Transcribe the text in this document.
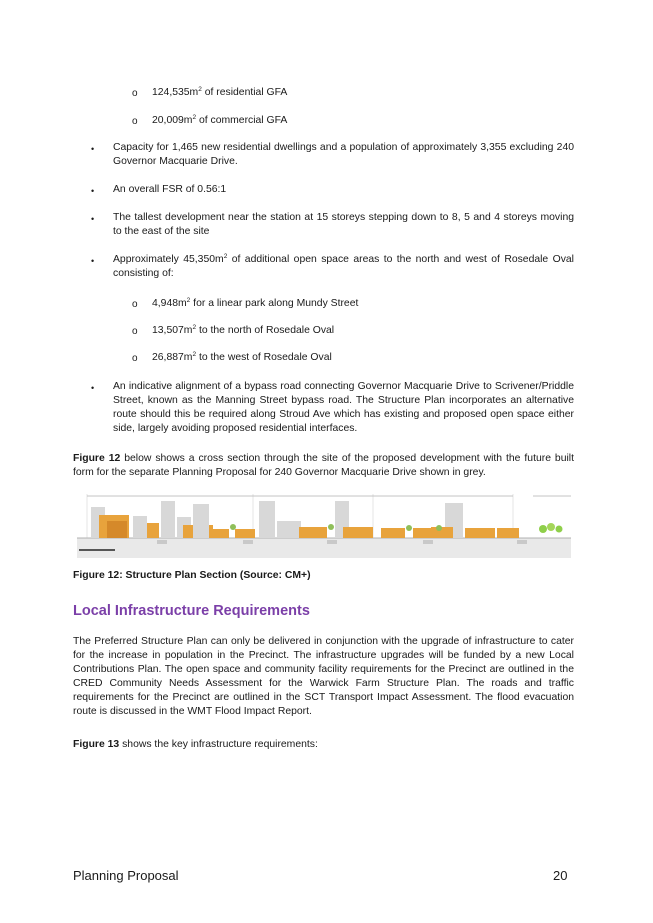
o $124,535m^2$ of residential GFA
o $20,009m^2$ of commercial GFA
• Capacity for 1,465 new residential dwellings and a population of approximately 3,355 excluding 240 Governor Macquarie Drive.
• An overall FSR of 0.56:1
• The tallest development near the station at 15 storeys stepping down to 8, 5 and 4 storeys moving to the east of the site
• Approximately $45,350m^2$ of additional open space areas to the north and west of Rosedale Oval consisting of:
o $4,948m^2$ for a linear park along Mundy Street
o $13,507m^2$ to the north of Rosedale Oval
o $26,887m^2$ to the west of Rosedale Oval
• An indicative alignment of a bypass road connecting Governor Macquarie Drive to Scrivener/Priddle Street, known as the Manning Street bypass road. The Structure Plan incorporates an alternative route should this be required along Stroud Ave which has existing and proposed open space either side, largely avoiding proposed residential interfaces.
Figure 12 below shows a cross section through the site of the proposed development with the future built form for the separate Planning Proposal for 240 Governor Macquarie Drive shown in grey.
Figure 12: Structure Plan Section (Source: CM+)
Local Infrastructure Requirements
The Preferred Structure Plan can only be delivered in conjunction with the upgrade of infrastructure to cater for the increase in population in the Precinct. The infrastructure upgrades will be funded by a new Local Contributions Plan. The open space and community facility requirements for the Precinct are outlined in the CRED Community Needs Assessment for the Warwick Farm Structure Plan. The roads and traffic requirements for the Precinct are outlined in the SCT Transport Impact Assessment. The flood evacuation route is discussed in the WMT Flood Impact Report.
Figure 13 shows the key infrastructure requirements:
Planning Proposal	20
